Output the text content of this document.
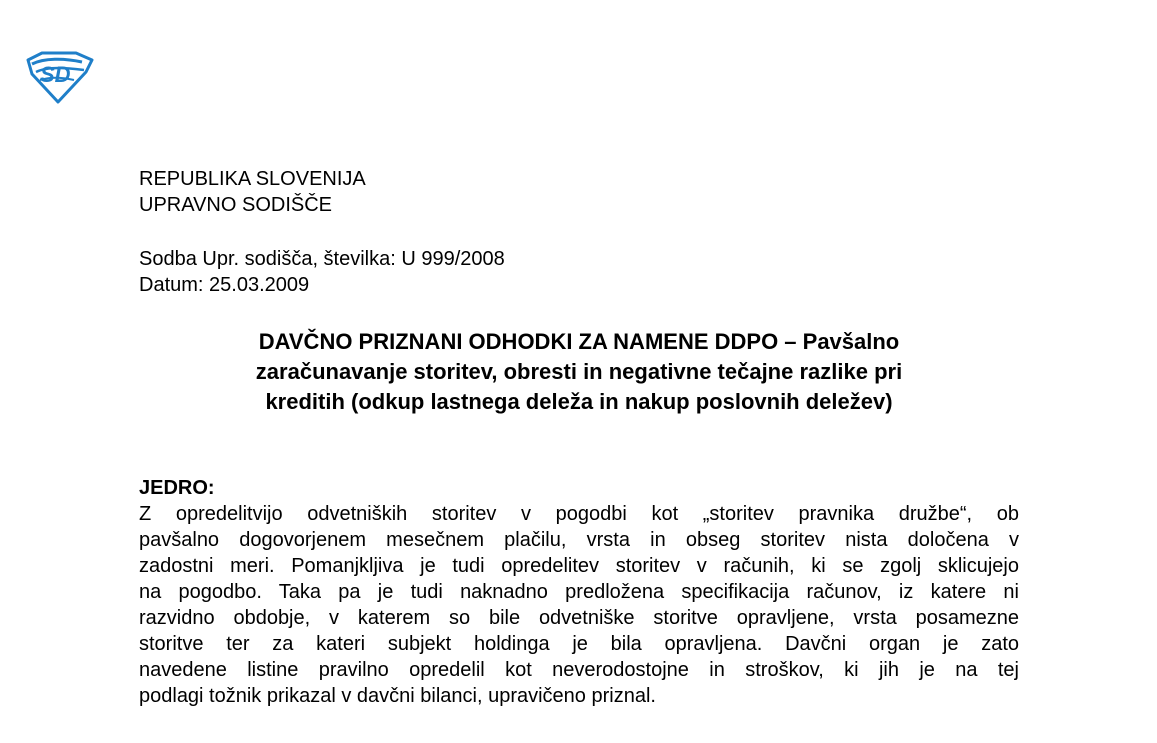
SD
REPUBLIKA SLOVENIJA
UPRAVNO SODIŠČE
Sodba Upr. sodišča, številka: U 999/2008
Datum: 25.03.2009
DAVČNO PRIZNANI ODHODKI ZA NAMENE DDPO – Pavšalno
zaračunavanje storitev, obresti in negativne tečajne razlike pri
kreditih (odkup lastnega deleža in nakup poslovnih deležev)
JEDRO:
Z opredelitvijo odvetniških storitev v pogodbi kot „storitev pravnika družbe“, ob
pavšalno dogovorjenem mesečnem plačilu, vrsta in obseg storitev nista določena v
zadostni meri. Pomanjkljiva je tudi opredelitev storitev v računih, ki se zgolj sklicujejo
na pogodbo. Taka pa je tudi naknadno predložena specifikacija računov, iz katere ni
razvidno obdobje, v katerem so bile odvetniške storitve opravljene, vrsta posamezne
storitve ter za kateri subjekt holdinga je bila opravljena. Davčni organ je zato
navedene listine pravilno opredelil kot neverodostojne in stroškov, ki jih je na tej
podlagi tožnik prikazal v davčni bilanci, upravičeno priznal.
